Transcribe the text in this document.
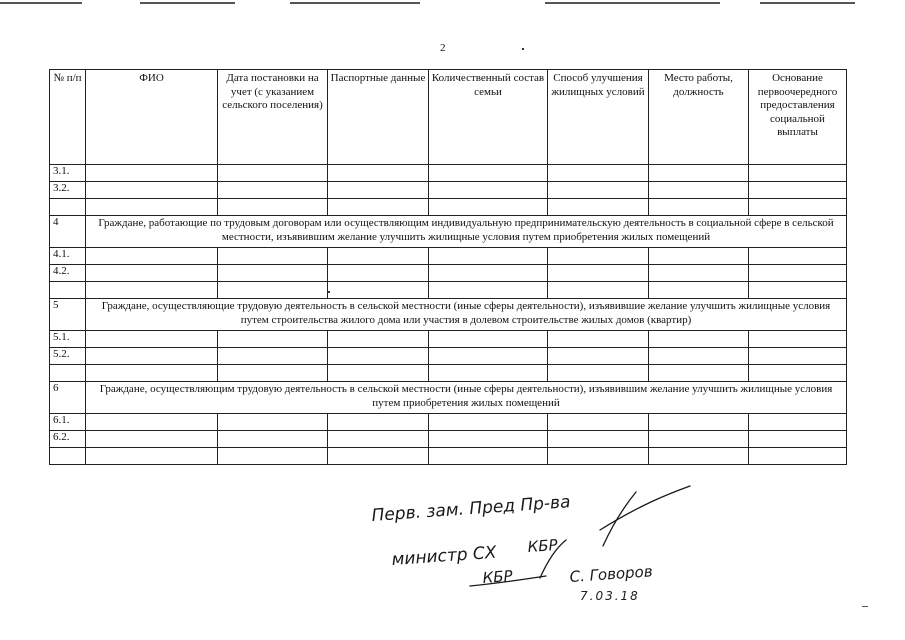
2
№ п/п	ФИО	Дата постановки на учет (с указанием сельского поселения)	Паспортные данные	Количественный состав семьи	Способ улучшения жилищных условий	Место работы, должность	Основание первоочередного предоставления социальной выплаты
3.1.							
3.2.							

4	Граждане, работающие по трудовым договорам или осуществляющим индивидуальную предпринимательскую деятельность в социальной сфере в сельской местности, изъявившим желание улучшить жилищные условия путем приобретения жилых помещений						
4.1.							
4.2.							

5	Граждане, осуществляющие трудовую деятельность в сельской местности (иные сферы деятельности), изъявившие желание улучшить жилищные условия путем строительства жилого дома или участия в долевом строительстве жилых домов (квартир)						
5.1.							
5.2.							

6	Граждане, осуществляющим трудовую деятельность в сельской местности (иные сферы деятельности), изъявившим желание улучшить жилищные условия путем приобретения жилых помещений						
6.1.							
6.2.							

Перв. зам. Пред Пр-ва
КБР
министр СХ
КБР	С. Говоров
7.03.18
